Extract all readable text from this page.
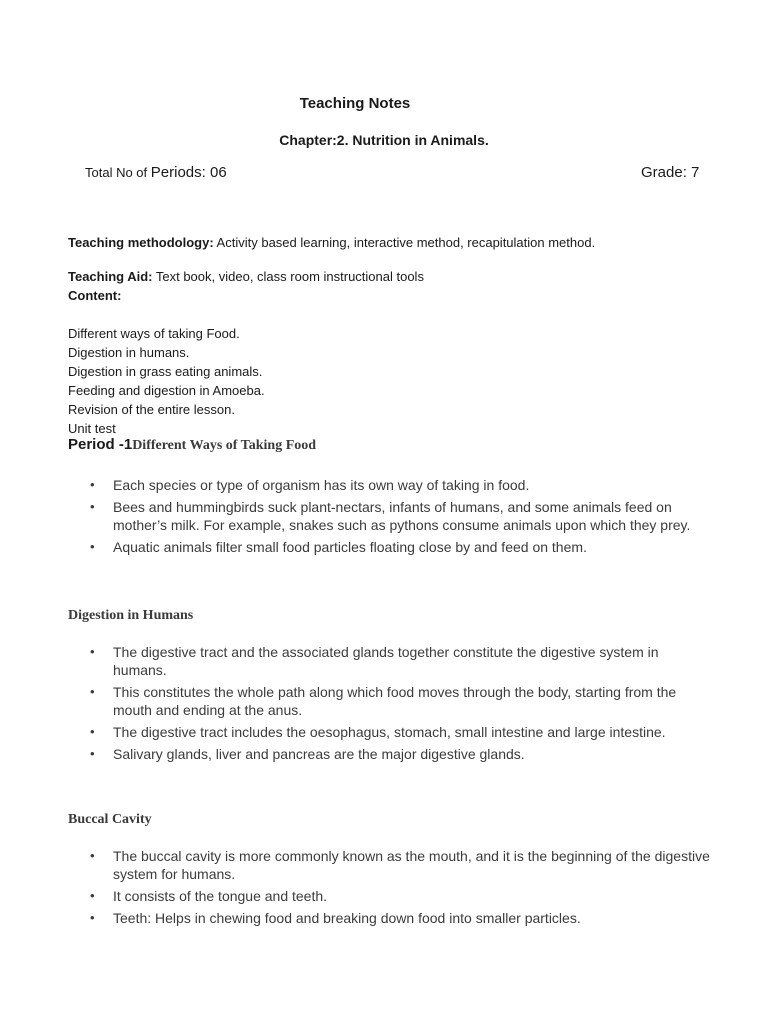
Teaching Notes
Chapter:2. Nutrition in Animals.
Total No of Periods: 06	Grade: 7
Teaching methodology: Activity based learning, interactive method, recapitulation method.
Teaching Aid: Text book, video, class room instructional tools
Content:
Different ways of taking Food.
Digestion in humans.
Digestion in grass eating animals.
Feeding and digestion in Amoeba.
Revision of the entire lesson.
Unit test
Period -1Different Ways of Taking Food
• Each species or type of organism has its own way of taking in food.
• Bees and hummingbirds suck plant-nectars, infants of humans, and some animals feed on mother’s milk. For example, snakes such as pythons consume animals upon which they prey.
• Aquatic animals filter small food particles floating close by and feed on them.
Digestion in Humans
• The digestive tract and the associated glands together constitute the digestive system in humans.
• This constitutes the whole path along which food moves through the body, starting from the mouth and ending at the anus.
• The digestive tract includes the oesophagus, stomach, small intestine and large intestine.
• Salivary glands, liver and pancreas are the major digestive glands.
Buccal Cavity
• The buccal cavity is more commonly known as the mouth, and it is the beginning of the digestive system for humans.
• It consists of the tongue and teeth.
• Teeth: Helps in chewing food and breaking down food into smaller particles.
